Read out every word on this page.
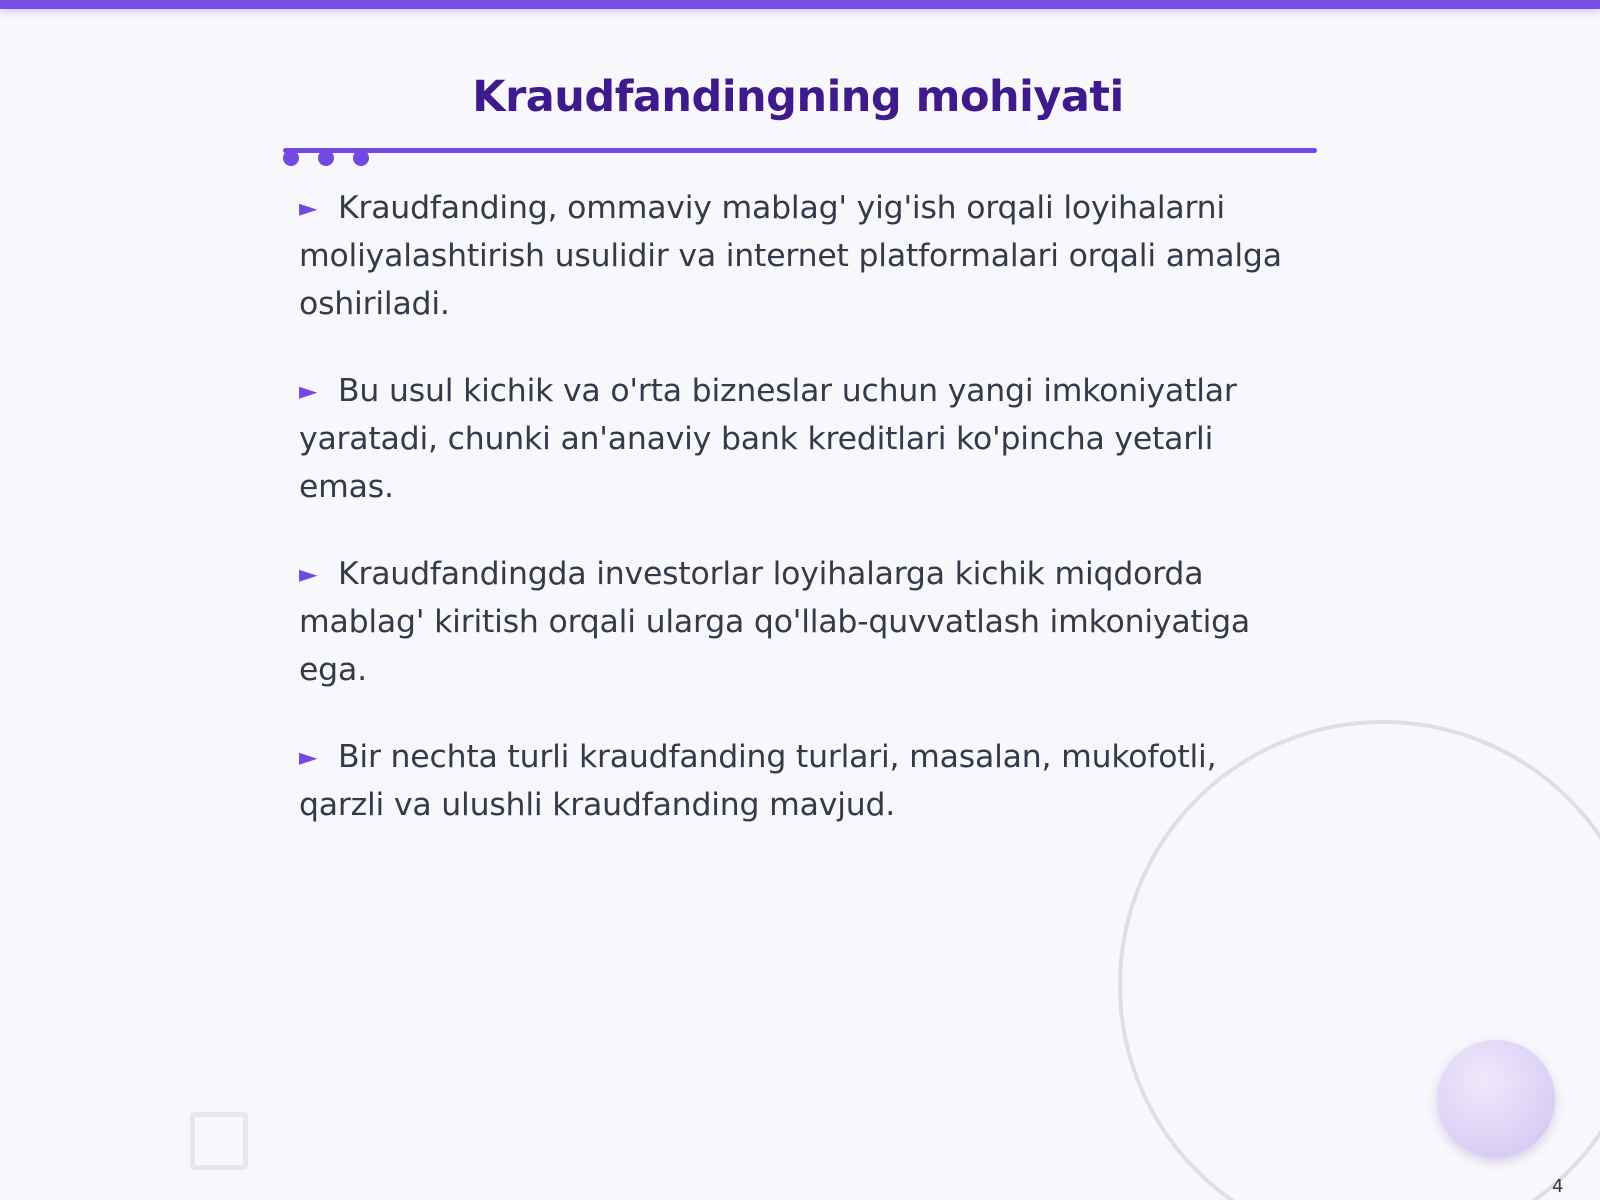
Kraudfandingning mohiyati
► Kraudfanding, ommaviy mablag' yig'ish orqali loyihalarni moliyalashtirish usulidir va internet platformalari orqali amalga oshiriladi.
► Bu usul kichik va o'rta bizneslar uchun yangi imkoniyatlar yaratadi, chunki an'anaviy bank kreditlari ko'pincha yetarli emas.
► Kraudfandingda investorlar loyihalarga kichik miqdorda mablag' kiritish orqali ularga qo'llab-quvvatlash imkoniyatiga ega.
► Bir nechta turli kraudfanding turlari, masalan, mukofotli, qarzli va ulushli kraudfanding mavjud.
4
